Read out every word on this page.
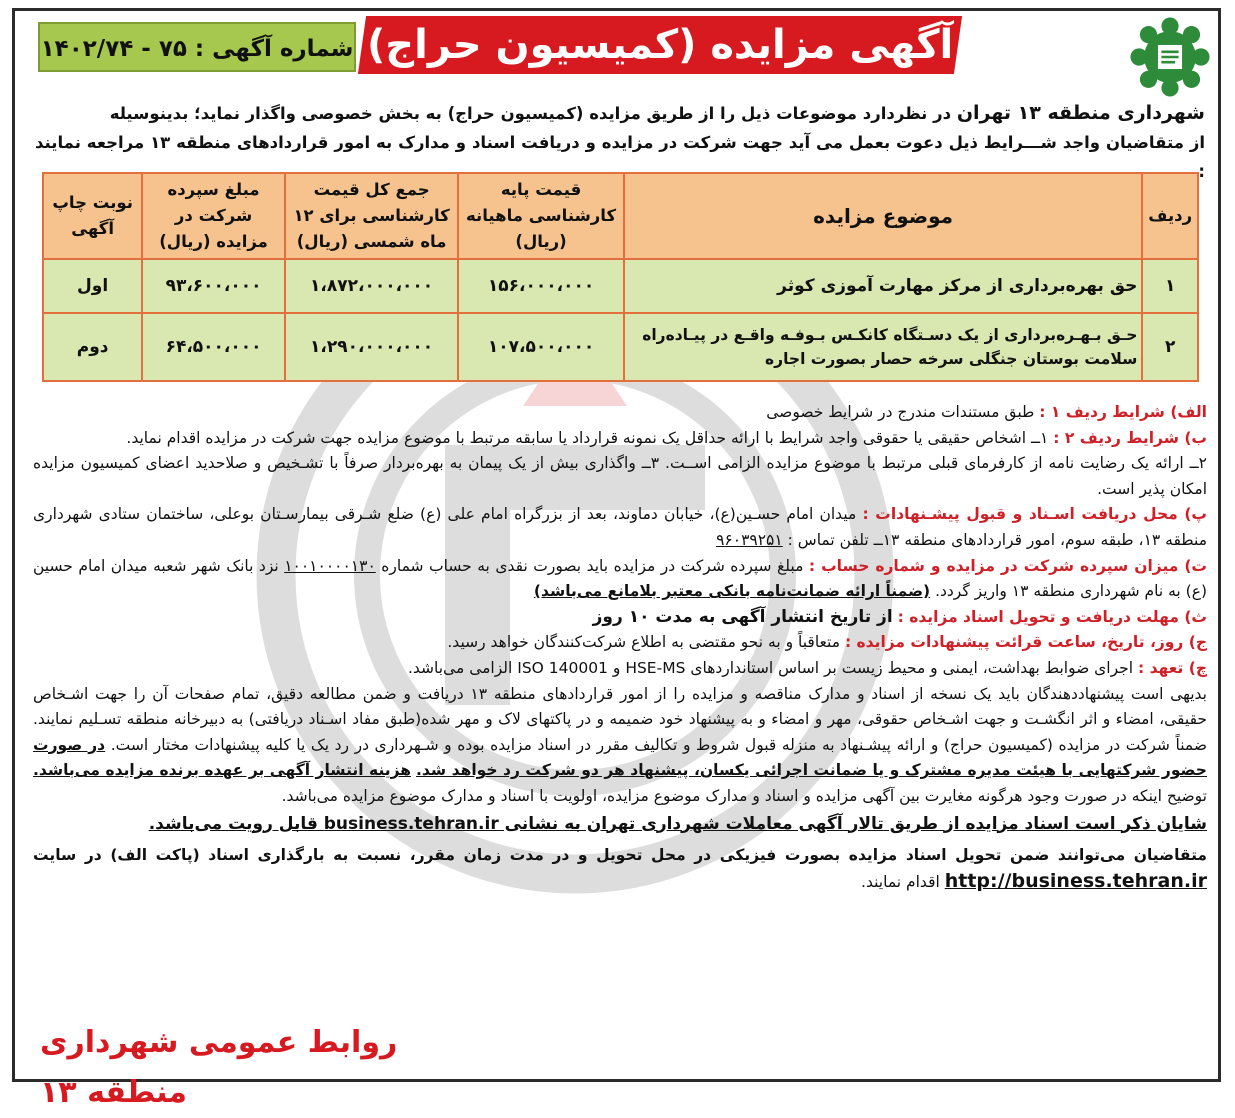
آگهی مزایده (کمیسیون حراج)
شماره آگهی : ۷۵ - ۱۴۰۲/۷۴
شهرداری منطقه ۱۳ تهران در نظردارد موضوعات ذیل را از طریق مزایده (کمیسیون حراج) به بخش خصوصی واگذار نماید؛ بدینوسیله
از متقاضیان واجد شـــرایط ذیل دعوت بعمل می آید جهت شرکت در مزایده و دریافت اسناد و مدارک به امور قراردادهای منطقه ۱۳ مراجعه نمایند :
ردیف	موضوع مزایده	قیمت پایه کارشناسی ماهیانه (ریال)	جمع کل قیمت کارشناسی برای ۱۲ ماه شمسی (ریال)	مبلغ سپرده شرکت در مزایده (ریال)	نوبت چاپ آگهی
۱	حق بهره‌برداری از مرکز مهارت آموزی کوثر	۱۵۶،۰۰۰،۰۰۰	۱،۸۷۲،۰۰۰،۰۰۰	۹۳،۶۰۰،۰۰۰	اول
۲	حـق بـهـره‌برداری از یک دسـتگاه کانکـس بـوفـه واقـع در پیـاده‌راه سلامت بوستان جنگلی سرخه حصار بصورت اجاره	۱۰۷،۵۰۰،۰۰۰	۱،۲۹۰،۰۰۰،۰۰۰	۶۴،۵۰۰،۰۰۰	دوم

الف) شرایط ردیف ۱ : طبق مستندات مندرج در شرایط خصوصی

ب) شرایط ردیف ۲ : ۱ــ اشخاص حقیقی یا حقوقی واجد شرایط با ارائه حداقل یک نمونه قرارداد یا سابقه مرتبط با موضوع مزایده جهت شرکت در مزایده اقدام نماید.

۲ــ ارائه یک رضایت نامه از کارفرمای قبلی مرتبط با موضوع مزایده الزامی اســت. ۳ــ واگذاری بیش از یک پیمان به بهره‌بردار صرفاً با تشـخیص و صلاحدید اعضای کمیسیون مزایده امکان پذیر است.

پ) محل دریافت اسـناد و قبول پیشـنهادات : میدان امام حسـین(ع)، خیابان دماوند، بعد از بزرگراه امام علی (ع) ضلع شـرقی بیمارسـتان بوعلی، ساختمان ستادی شهرداری منطقه ۱۳، طبقه سوم، امور قراردادهای منطقه ۱۳ــ تلفن تماس : ۹۶۰۳۹۲۵۱

ت) میزان سپرده شرکت در مزایده و شماره حساب : مبلغ سپرده شرکت در مزایده باید بصورت نقدی به حساب شماره ۱۰۰۱۰۰۰۰۱۳۰ نزد بانک شهر شعبه میدان امام حسین (ع) به نام شهرداری منطقه ۱۳ واریز گردد. (ضمناً ارائه ضمانت‌نامه بانکی معتبر بلامانع می‌باشد)

ث) مهلت دریافت و تحویل اسناد مزایده : از تاریخ انتشار آگهی به مدت ۱۰ روز

ج) روز، تاریخ، ساعت قرائت پیشنهادات مزایده : متعاقباً و به نحو مقتضی به اطلاع شرکت‌کنندگان خواهد رسید.

چ) تعهد : اجرای ضوابط بهداشت، ایمنی و محیط زیست بر اساس استانداردهای HSE-MS و ISO 140001 الزامی می‌باشد.

بدیهی است پیشنهاددهندگان باید یک نسخه از اسناد و مدارک مناقصه و مزایده را از امور قراردادهای منطقه ۱۳ دریافت و ضمن مطالعه دقیق، تمام صفحات آن را جهت اشـخاص حقیقی، امضاء و اثر انگشـت و جهت اشـخاص حقوقی، مهر و امضاء و به پیشنهاد خود ضمیمه و در پاکتهای لاک و مهر شده(طبق مفاد اسـناد دریافتی) به دبیرخانه منطقه تسـلیم نمایند. ضمناً شرکت در مزایده (کمیسیون حراج) و ارائه پیشـنهاد به منزله قبول شروط و تکالیف مقرر در اسناد مزایده بوده و شـهرداری در رد یک یا کلیه پیشنهادات مختار است. در صورت حضور شرکتهایی با هیئت مدیره مشترک و یا ضمانت اجرائی یکسان، پیشنهاد هر دو شرکت رد خواهد شد. هزینه انتشار آگهی بر عهده برنده مزایده می‌باشد. توضیح اینکه در صورت وجود هرگونه مغایرت بین آگهی مزایده و اسناد و مدارک موضوع مزایده، اولویت با اسناد و مدارک موضوع مزایده می‌باشد.

شایان ذکر است اسناد مزایده از طریق تالار آگهی معاملات شهرداری تهران به نشانی business.tehran.ir قابل رویت می‌باشد.

متقاضیان می‌توانند ضمن تحویل اسناد مزایده بصورت فیزیکی در محل تحویل و در مدت زمان مقرر، نسبت به بارگذاری اسناد (پاکت الف) در سایت http://business.tehran.ir اقدام نمایند.

روابط عمومی شهرداری منطقه ۱۳
